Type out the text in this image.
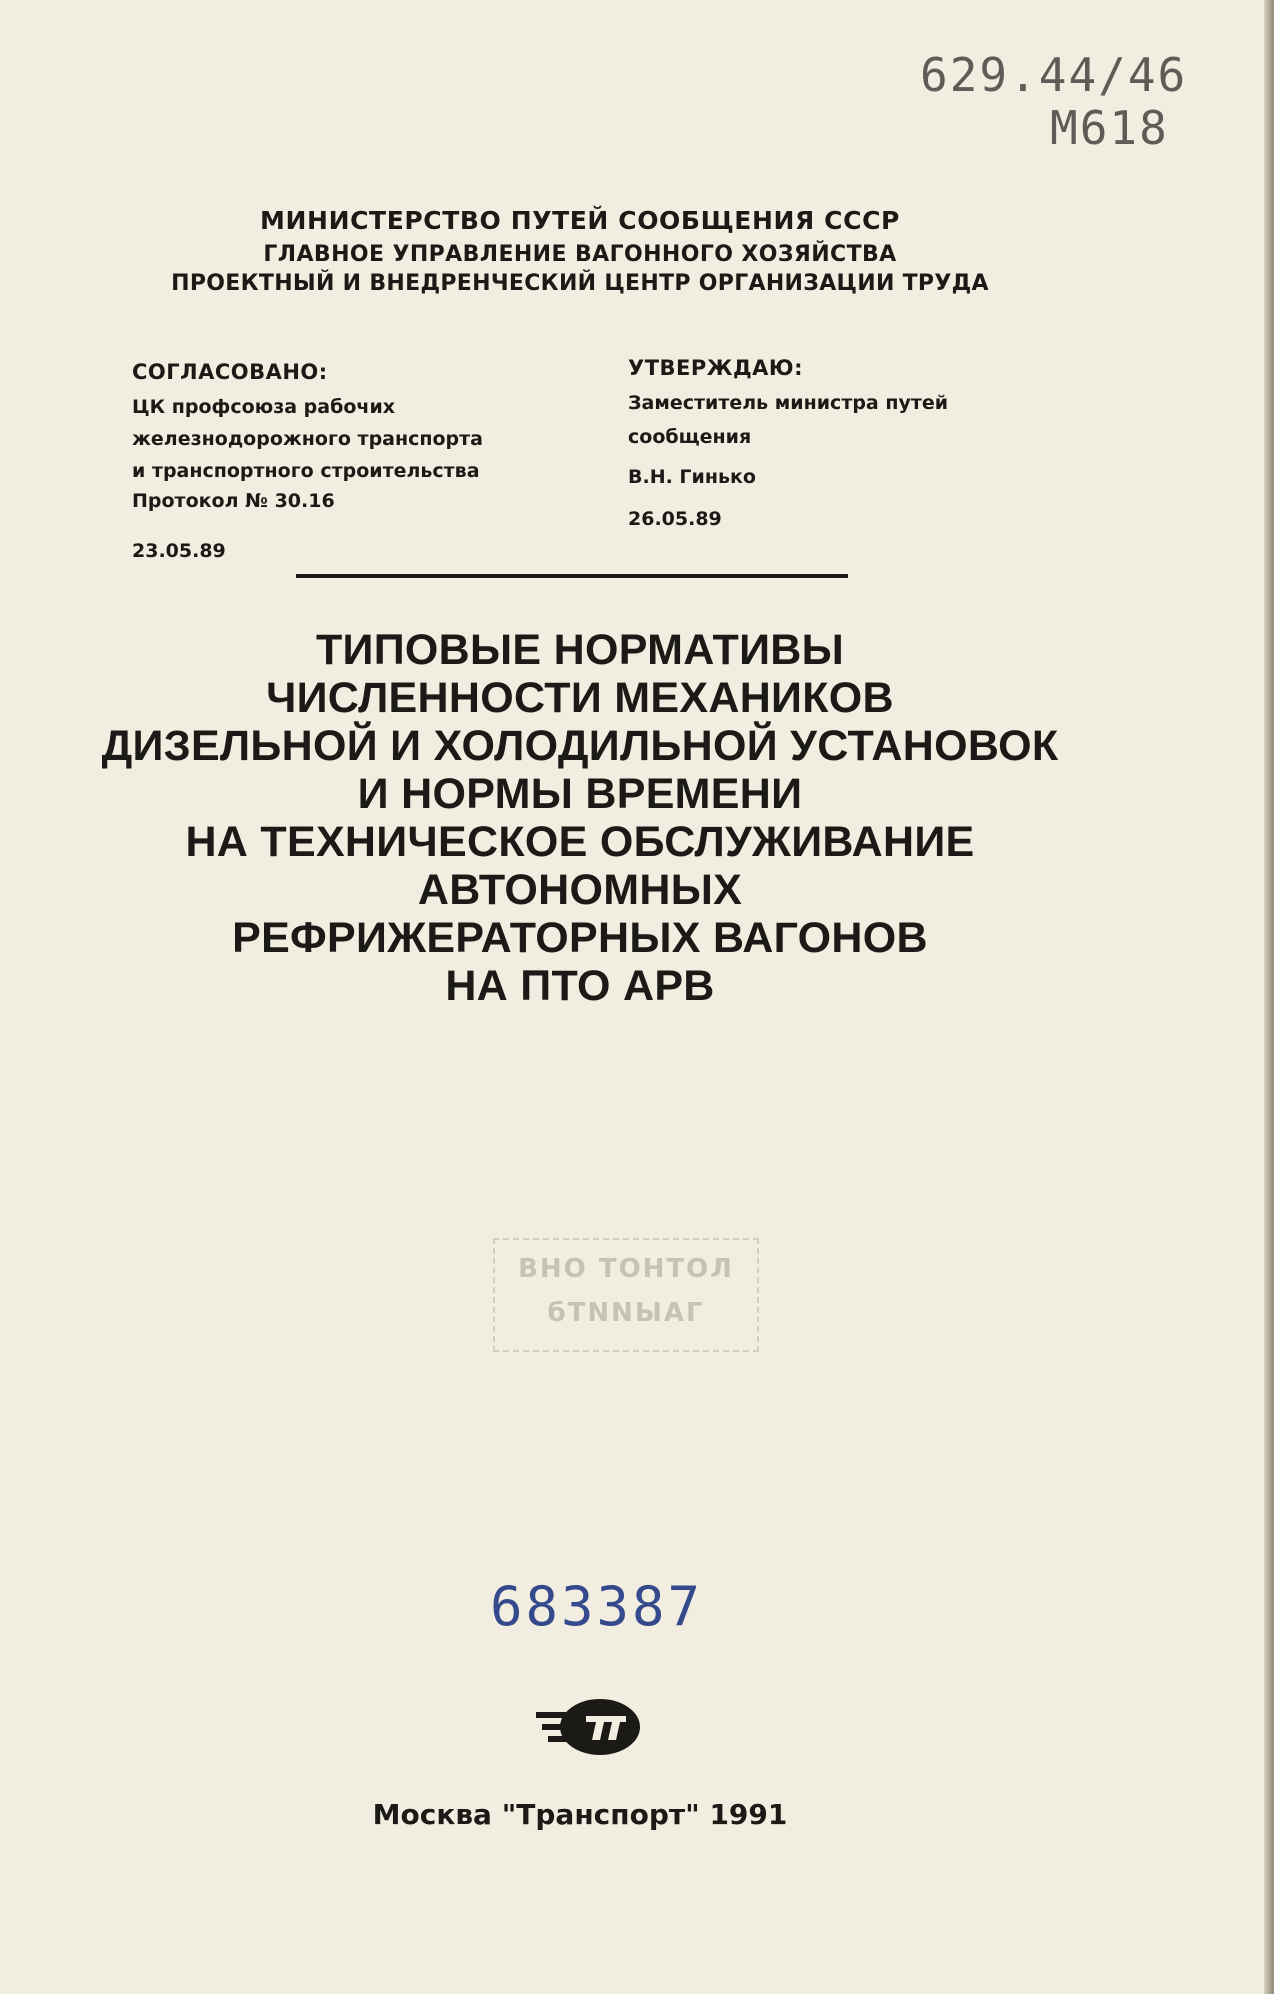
629.44/46
M618
МИНИСТЕРСТВО ПУТЕЙ СООБЩЕНИЯ СССР
ГЛАВНОЕ УПРАВЛЕНИЕ ВАГОННОГО ХОЗЯЙСТВА
ПРОЕКТНЫЙ И ВНЕДРЕНЧЕСКИЙ ЦЕНТР ОРГАНИЗАЦИИ ТРУДА
СОГЛАСОВАНО:
ЦК профсоюза рабочих
железнодорожного транспорта
и транспортного строительства
Протокол № 30.16
23.05.89
УТВЕРЖДАЮ:
Заместитель министра путей
сообщения
В.Н. Гинько
26.05.89
ТИПОВЫЕ НОРМАТИВЫ
ЧИСЛЕННОСТИ МЕХАНИКОВ
ДИЗЕЛЬНОЙ И ХОЛОДИЛЬНОЙ УСТАНОВОК
И НОРМЫ ВРЕМЕНИ
НА ТЕХНИЧЕСКОЕ ОБСЛУЖИВАНИЕ
АВТОНОМНЫХ
РЕФРИЖЕРАТОРНЫХ ВАГОНОВ
НА ПТО АРВ
ВНО ТОНТОЛ
бТNNЫАГ
683387
Москва "Транспорт" 1991
